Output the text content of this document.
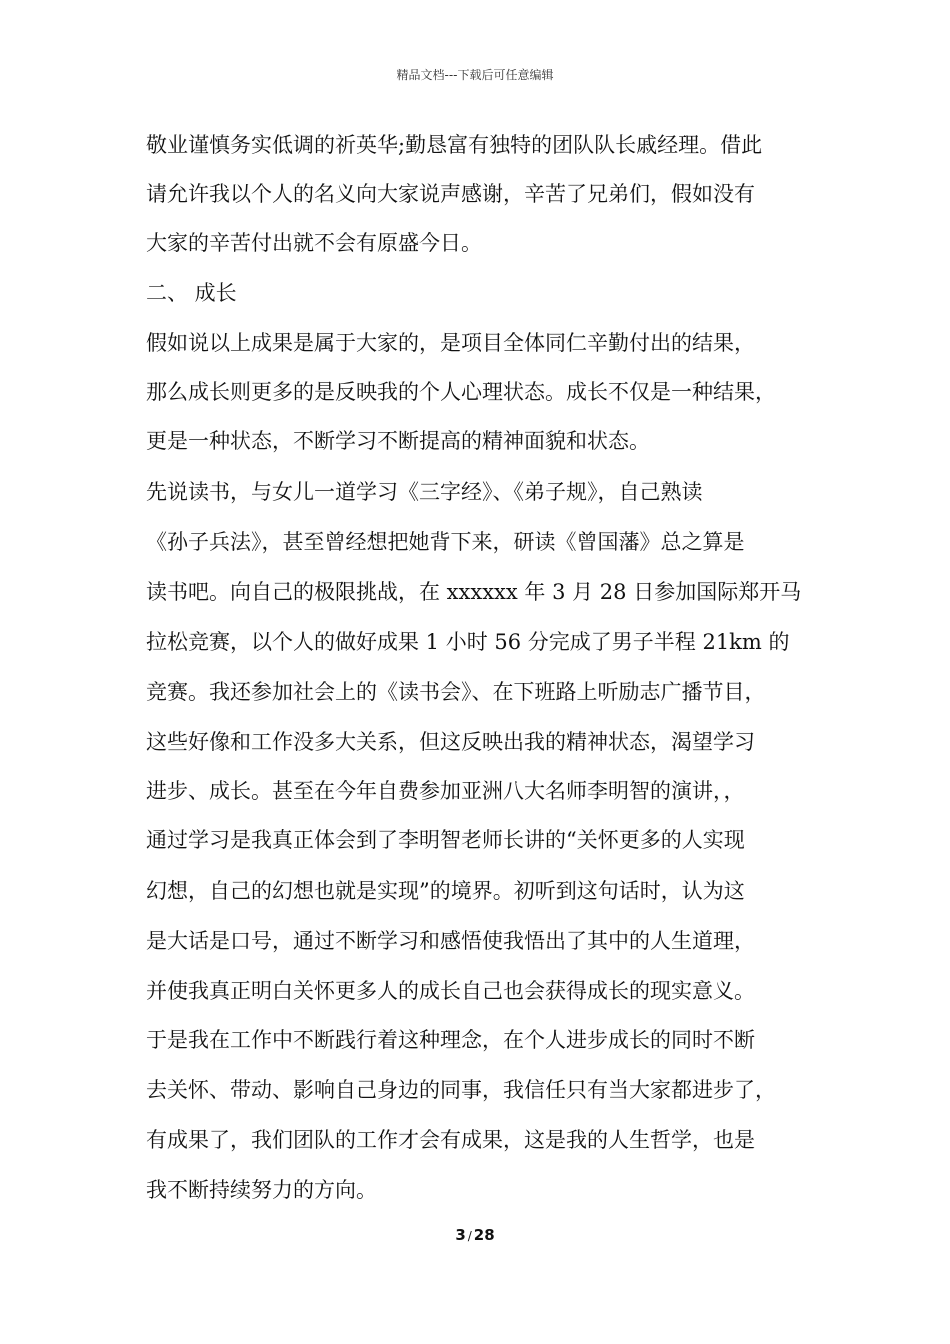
精品文档---下载后可任意编辑
敬业谨慎务实低调的祈英华;勤恳富有独特的团队队长戚经理。借此
请允许我以个人的名义向大家说声感谢，辛苦了兄弟们，假如没有
大家的辛苦付出就不会有原盛今日。
二、 成长
假如说以上成果是属于大家的，是项目全体同仁辛勤付出的结果，
那么成长则更多的是反映我的个人心理状态。成长不仅是一种结果，
更是一种状态，不断学习不断提高的精神面貌和状态。
先说读书，与女儿一道学习《三字经》、《弟子规》，自己熟读
《孙子兵法》，甚至曾经想把她背下来，研读《曾国藩》总之算是
读书吧。向自己的极限挑战，在 xxxxxx 年 3 月 28 日参加国际郑开马
拉松竞赛，以个人的做好成果 1 小时 56 分完成了男子半程 21km 的
竞赛。我还参加社会上的《读书会》、在下班路上听励志广播节目，
这些好像和工作没多大关系，但这反映出我的精神状态，渴望学习
进步、成长。甚至在今年自费参加亚洲八大名师李明智的演讲，，
通过学习是我真正体会到了李明智老师长讲的“关怀更多的人实现
幻想，自己的幻想也就是实现”的境界。初听到这句话时，认为这
是大话是口号，通过不断学习和感悟使我悟出了其中的人生道理，
并使我真正明白关怀更多人的成长自己也会获得成长的现实意义。
于是我在工作中不断践行着这种理念，在个人进步成长的同时不断
去关怀、带动、影响自己身边的同事，我信任只有当大家都进步了，
有成果了，我们团队的工作才会有成果，这是我的人生哲学，也是
我不断持续努力的方向。
3 / 28
